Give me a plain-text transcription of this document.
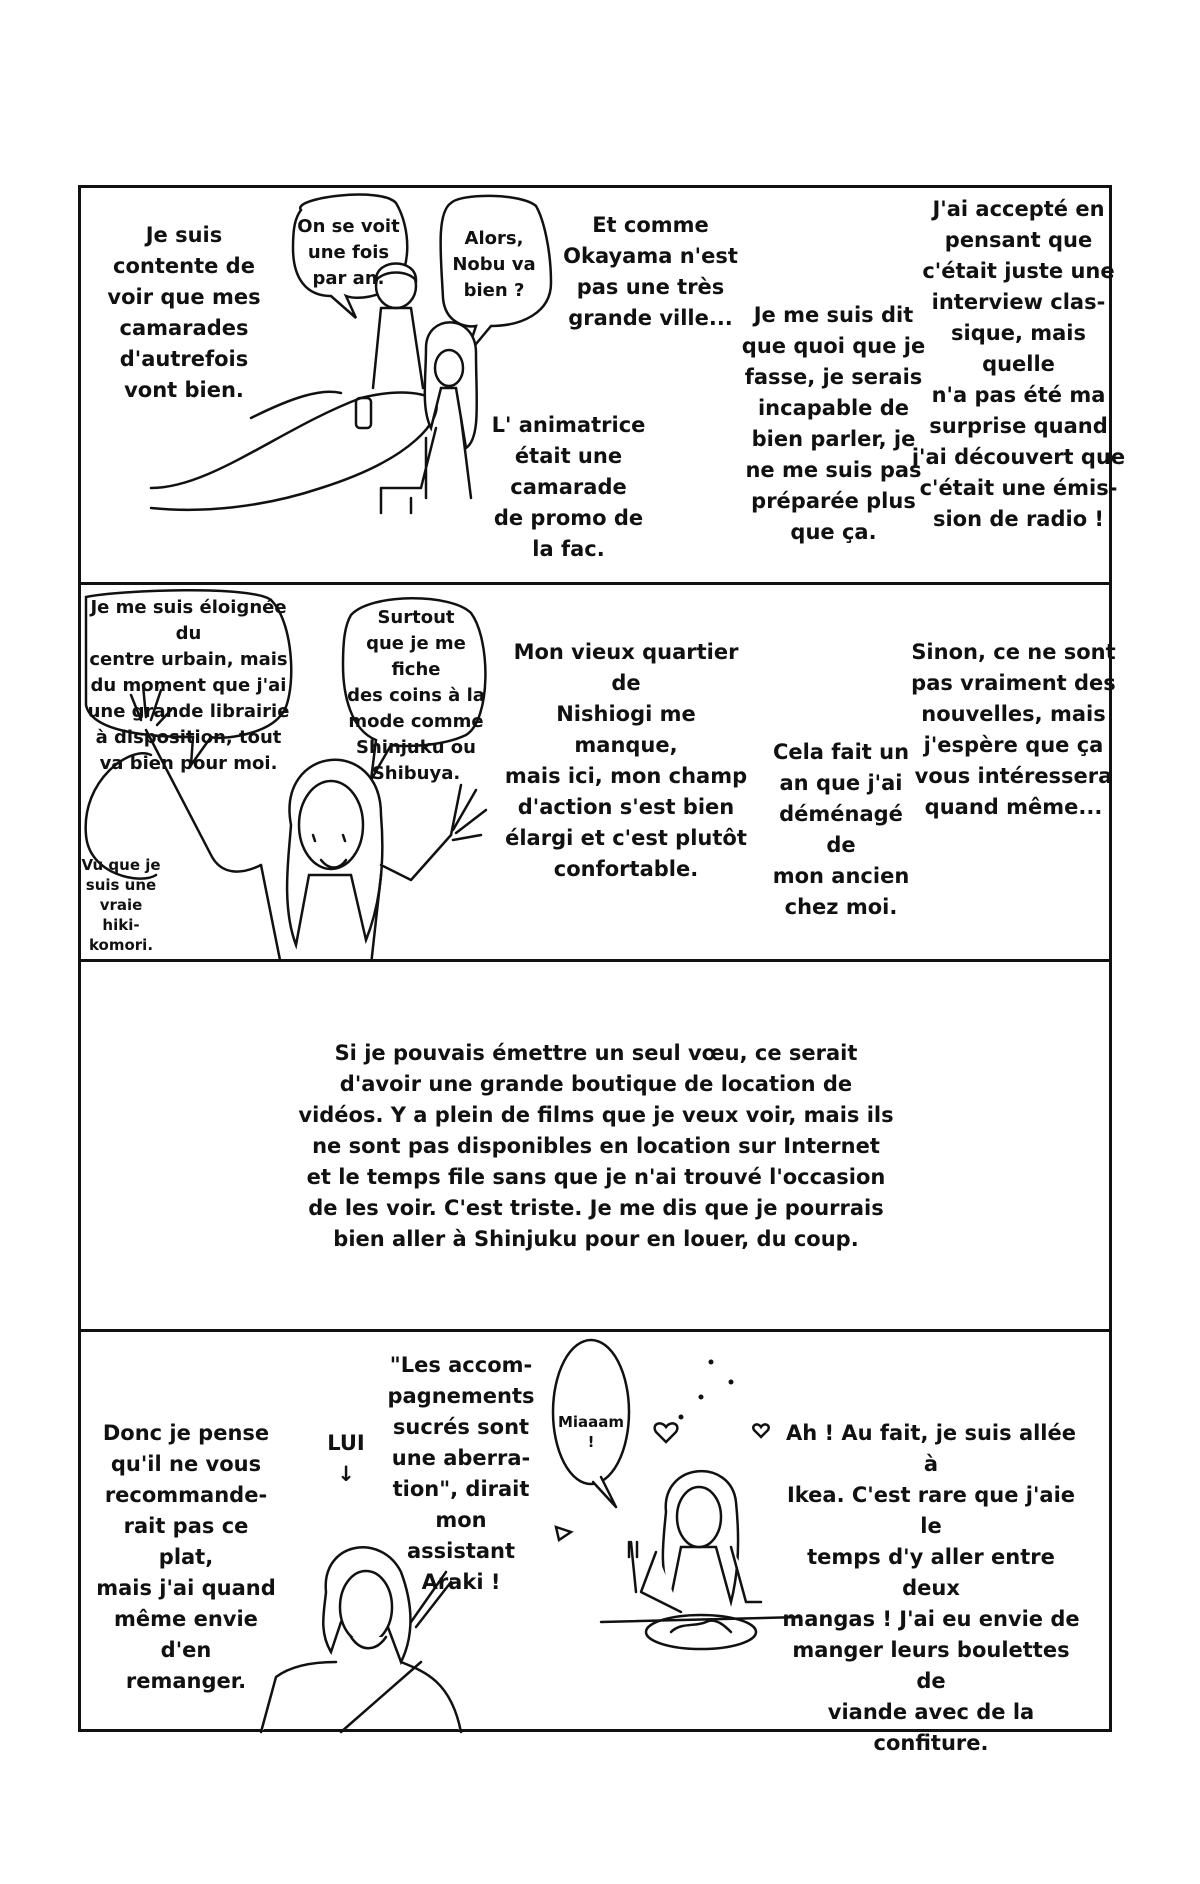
Je suis
contente de
voir que mes
camarades
d'autrefois
vont bien.
On se voit
une fois
par an.
Alors,
Nobu va
bien ?
Et comme
Okayama n'est
pas une très
grande ville...
L' animatrice
était une
camarade
de promo de
la fac.
Je me suis dit
que quoi que je
fasse, je serais
incapable de
bien parler, je
ne me suis pas
préparée plus
que ça.
J'ai accepté en
pensant que
c'était juste une
interview clas-
sique, mais quelle
n'a pas été ma
surprise quand
j'ai découvert que
c'était une émis-
sion de radio !
Je me suis éloignée du
centre urbain, mais
du moment que j'ai
une grande librairie
à disposition, tout
va bien pour moi.
Surtout
que je me fiche
des coins à la
mode comme
Shinjuku ou
Shibuya.
Mon vieux quartier de
Nishiogi me manque,
mais ici, mon champ
d'action s'est bien
élargi et c'est plutôt
confortable.
Cela fait un
an que j'ai
déménagé de
mon ancien
chez moi.
Sinon, ce ne sont
pas vraiment des
nouvelles, mais
j'espère que ça
vous intéressera
quand même...
Vu que je
suis une
vraie hiki-
komori.
Si je pouvais émettre un seul vœu, ce serait
d'avoir une grande boutique de location de
vidéos. Y a plein de films que je veux voir, mais ils
ne sont pas disponibles en location sur Internet
et le temps file sans que je n'ai trouvé l'occasion
de les voir. C'est triste. Je me dis que je pourrais
bien aller à Shinjuku pour en louer, du coup.
Donc je pense
qu'il ne vous
recommande-
rait pas ce plat,
mais j'ai quand
même envie d'en
remanger.
LUI
↓
"Les accom-
pagnements
sucrés sont
une aberra-
tion", dirait
mon
assistant
Araki !
Miaaam
!	Ah ! Au fait, je suis allée à
Ikea. C'est rare que j'aie le
temps d'y aller entre deux
mangas ! J'ai eu envie de
manger leurs boulettes de
viande avec de la confiture.
